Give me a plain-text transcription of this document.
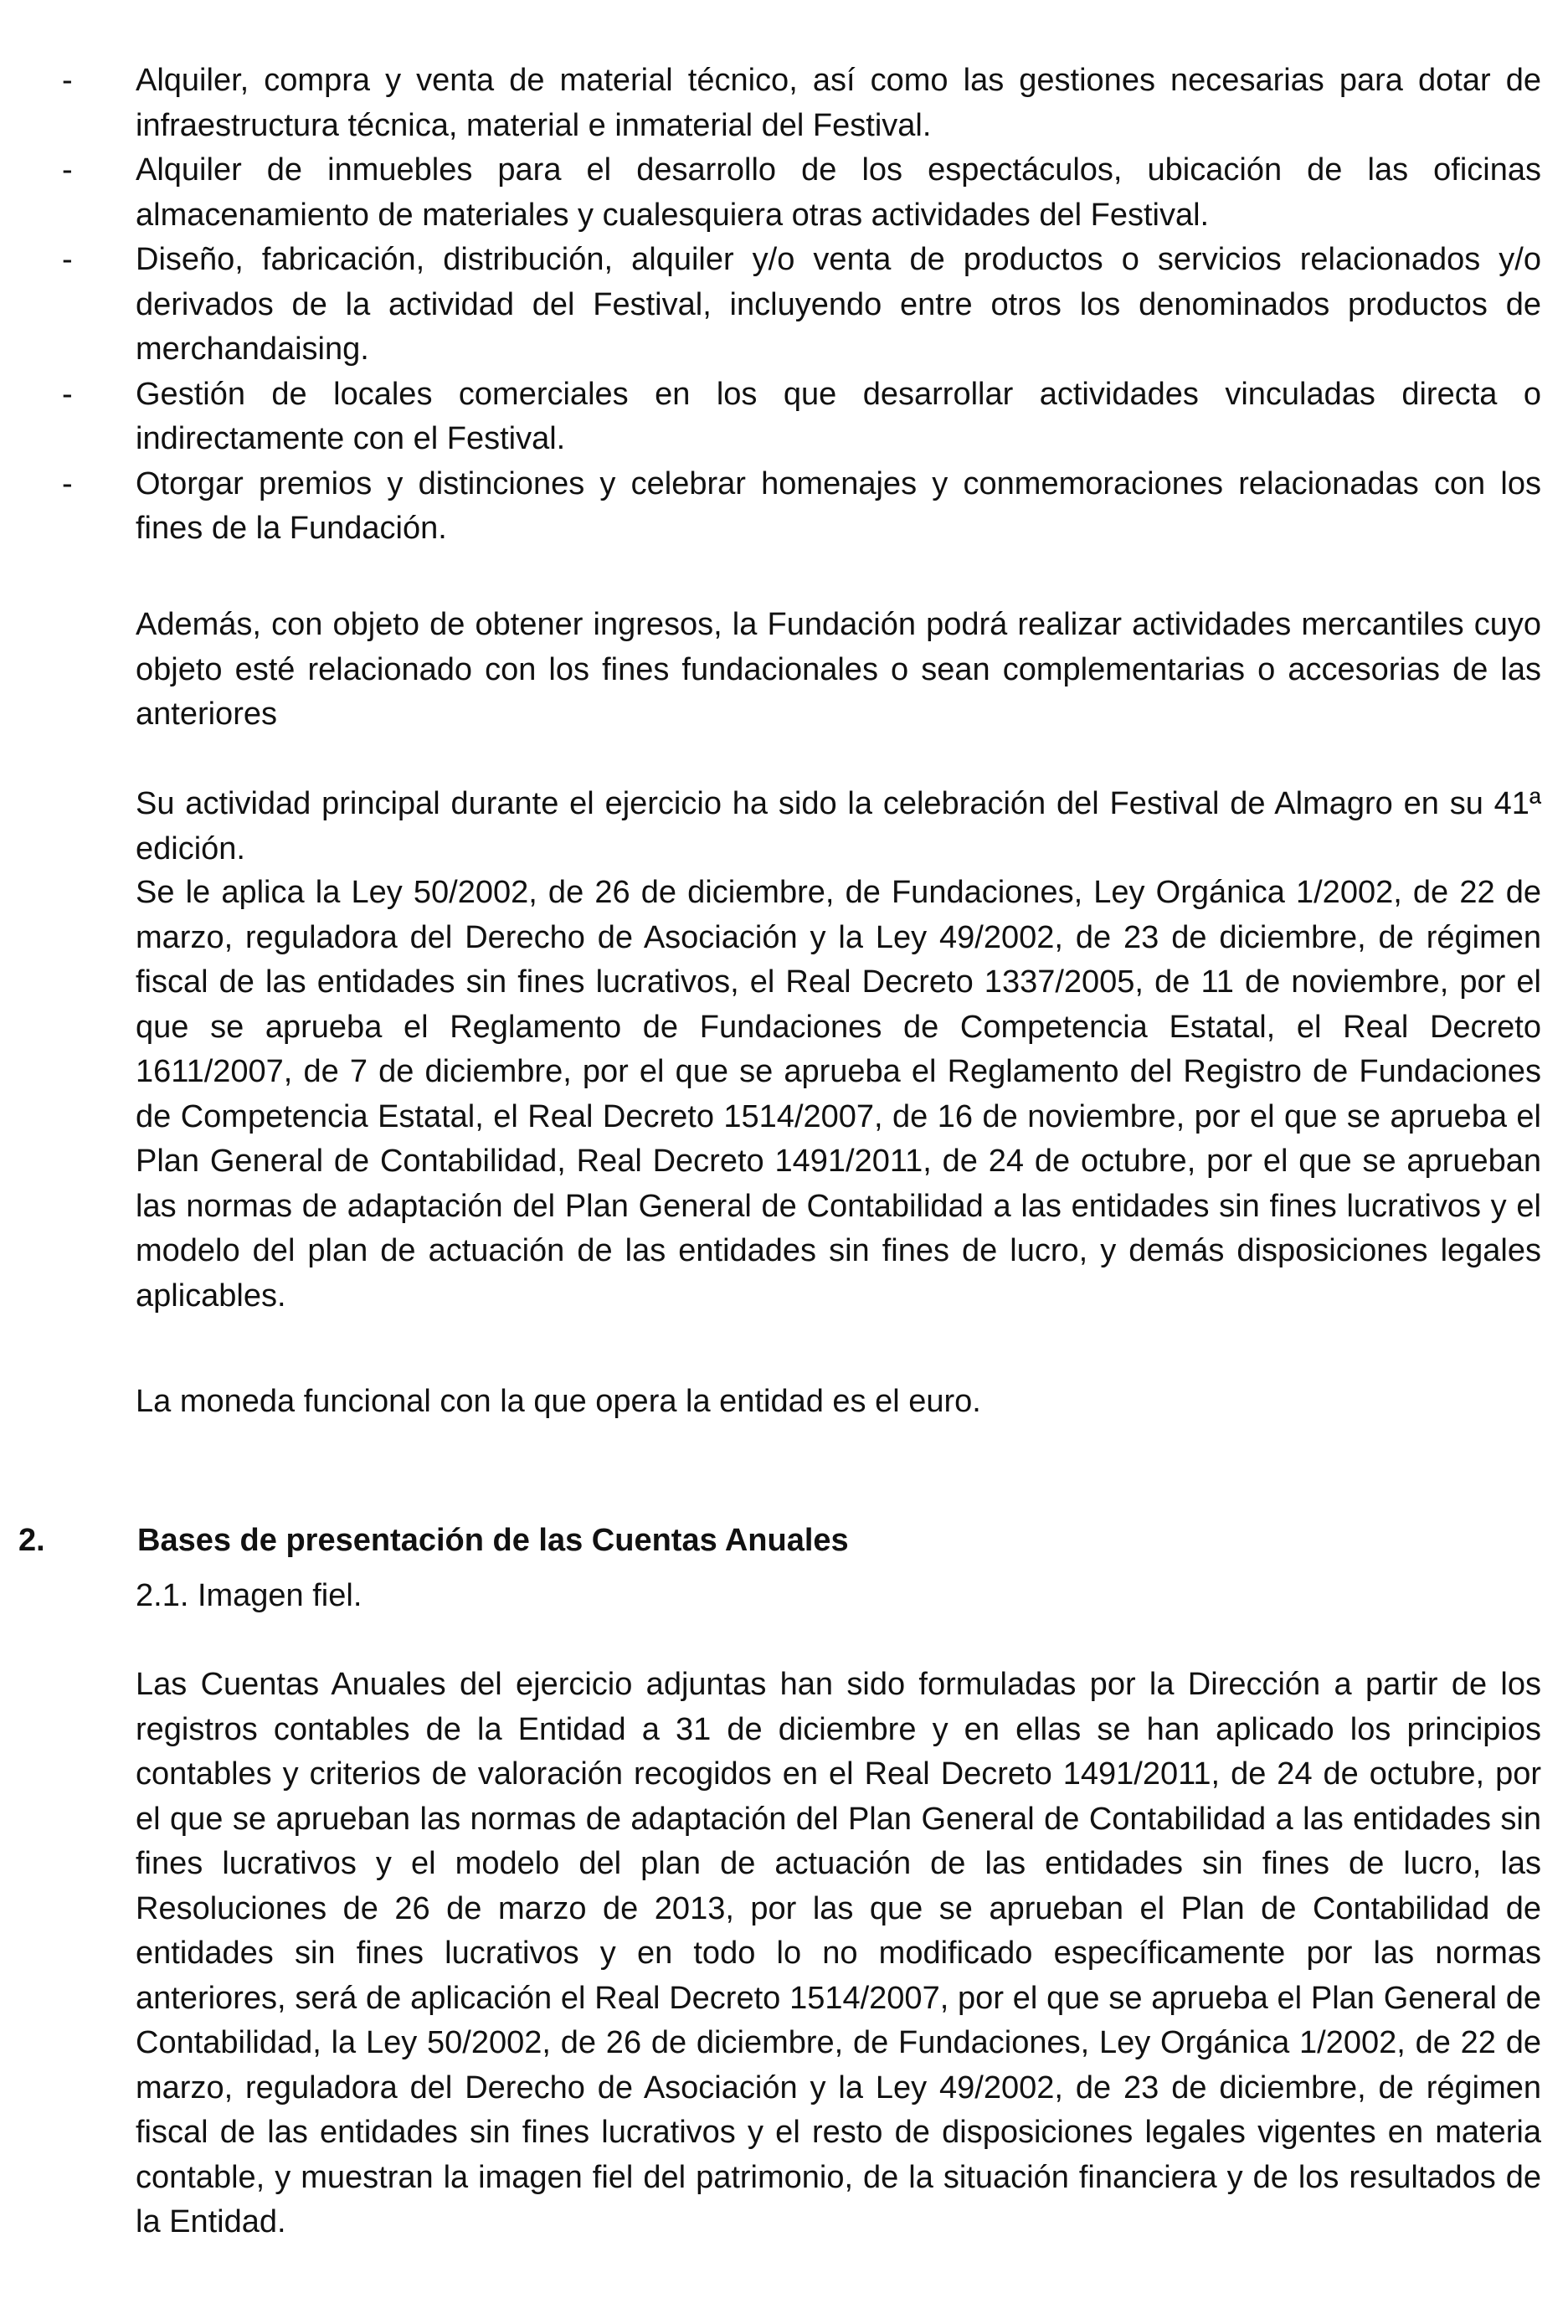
-	Alquiler, compra y venta de material técnico, así como las gestiones necesarias para dotar de infraestructura técnica, material e inmaterial del Festival.
-	Alquiler de inmuebles para el desarrollo de los espectáculos, ubicación de las oficinas almacenamiento de materiales y cualesquiera otras actividades del Festival.
-	Diseño, fabricación, distribución, alquiler y/o venta de productos o servicios relacionados y/o derivados de la actividad del Festival, incluyendo entre otros los denominados productos de merchandaising.
-	Gestión de locales comerciales en los que desarrollar actividades vinculadas directa o indirectamente con el Festival.
-	Otorgar premios y distinciones y celebrar homenajes y conmemoraciones relacionadas con los fines de la Fundación.

Además, con objeto de obtener ingresos, la Fundación podrá realizar actividades mercantiles cuyo objeto esté relacionado con los fines fundacionales o sean complementarias o accesorias de las anteriores

Su actividad principal durante el ejercicio ha sido la celebración del Festival de Almagro en su 41ª edición.

Se le aplica la Ley 50/2002, de 26 de diciembre, de Fundaciones, Ley Orgánica 1/2002, de 22 de marzo, reguladora del Derecho de Asociación y la Ley 49/2002, de 23 de diciembre, de régimen fiscal de las entidades sin fines lucrativos, el Real Decreto 1337/2005, de 11 de noviembre, por el que se aprueba el Reglamento de Fundaciones de Competencia Estatal, el Real Decreto 1611/2007, de 7 de diciembre, por el que se aprueba el Reglamento del Registro de Fundaciones de Competencia Estatal, el Real Decreto 1514/2007, de 16 de noviembre, por el que se aprueba el Plan General de Contabilidad, Real Decreto 1491/2011, de 24 de octubre, por el que se aprueban las normas de adaptación del Plan General de Contabilidad a las entidades sin fines lucrativos y el modelo del plan de actuación de las entidades sin fines de lucro, y demás disposiciones legales aplicables.

La moneda funcional con la que opera la entidad es el euro.

2.	Bases de presentación de las Cuentas Anuales

2.1. Imagen fiel.

Las Cuentas Anuales del ejercicio adjuntas han sido formuladas por la Dirección a partir de los registros contables de la Entidad a 31 de diciembre y en ellas se han aplicado los principios contables y criterios de valoración recogidos en el Real Decreto 1491/2011, de 24 de octubre, por el que se aprueban las normas de adaptación del Plan General de Contabilidad a las entidades sin fines lucrativos y el modelo del plan de actuación de las entidades sin fines de lucro, las Resoluciones de 26 de marzo de 2013, por las que se aprueban el Plan de Contabilidad de entidades sin fines lucrativos y en todo lo no modificado específicamente por las normas anteriores, será de aplicación el Real Decreto 1514/2007, por el que se aprueba el Plan General de Contabilidad, la Ley 50/2002, de 26 de diciembre, de Fundaciones, Ley Orgánica 1/2002, de 22 de marzo, reguladora del Derecho de Asociación y la Ley 49/2002, de 23 de diciembre, de régimen fiscal de las entidades sin fines lucrativos y el resto de disposiciones legales vigentes en materia contable, y muestran la imagen fiel del patrimonio, de la situación financiera y de los resultados de la Entidad.
